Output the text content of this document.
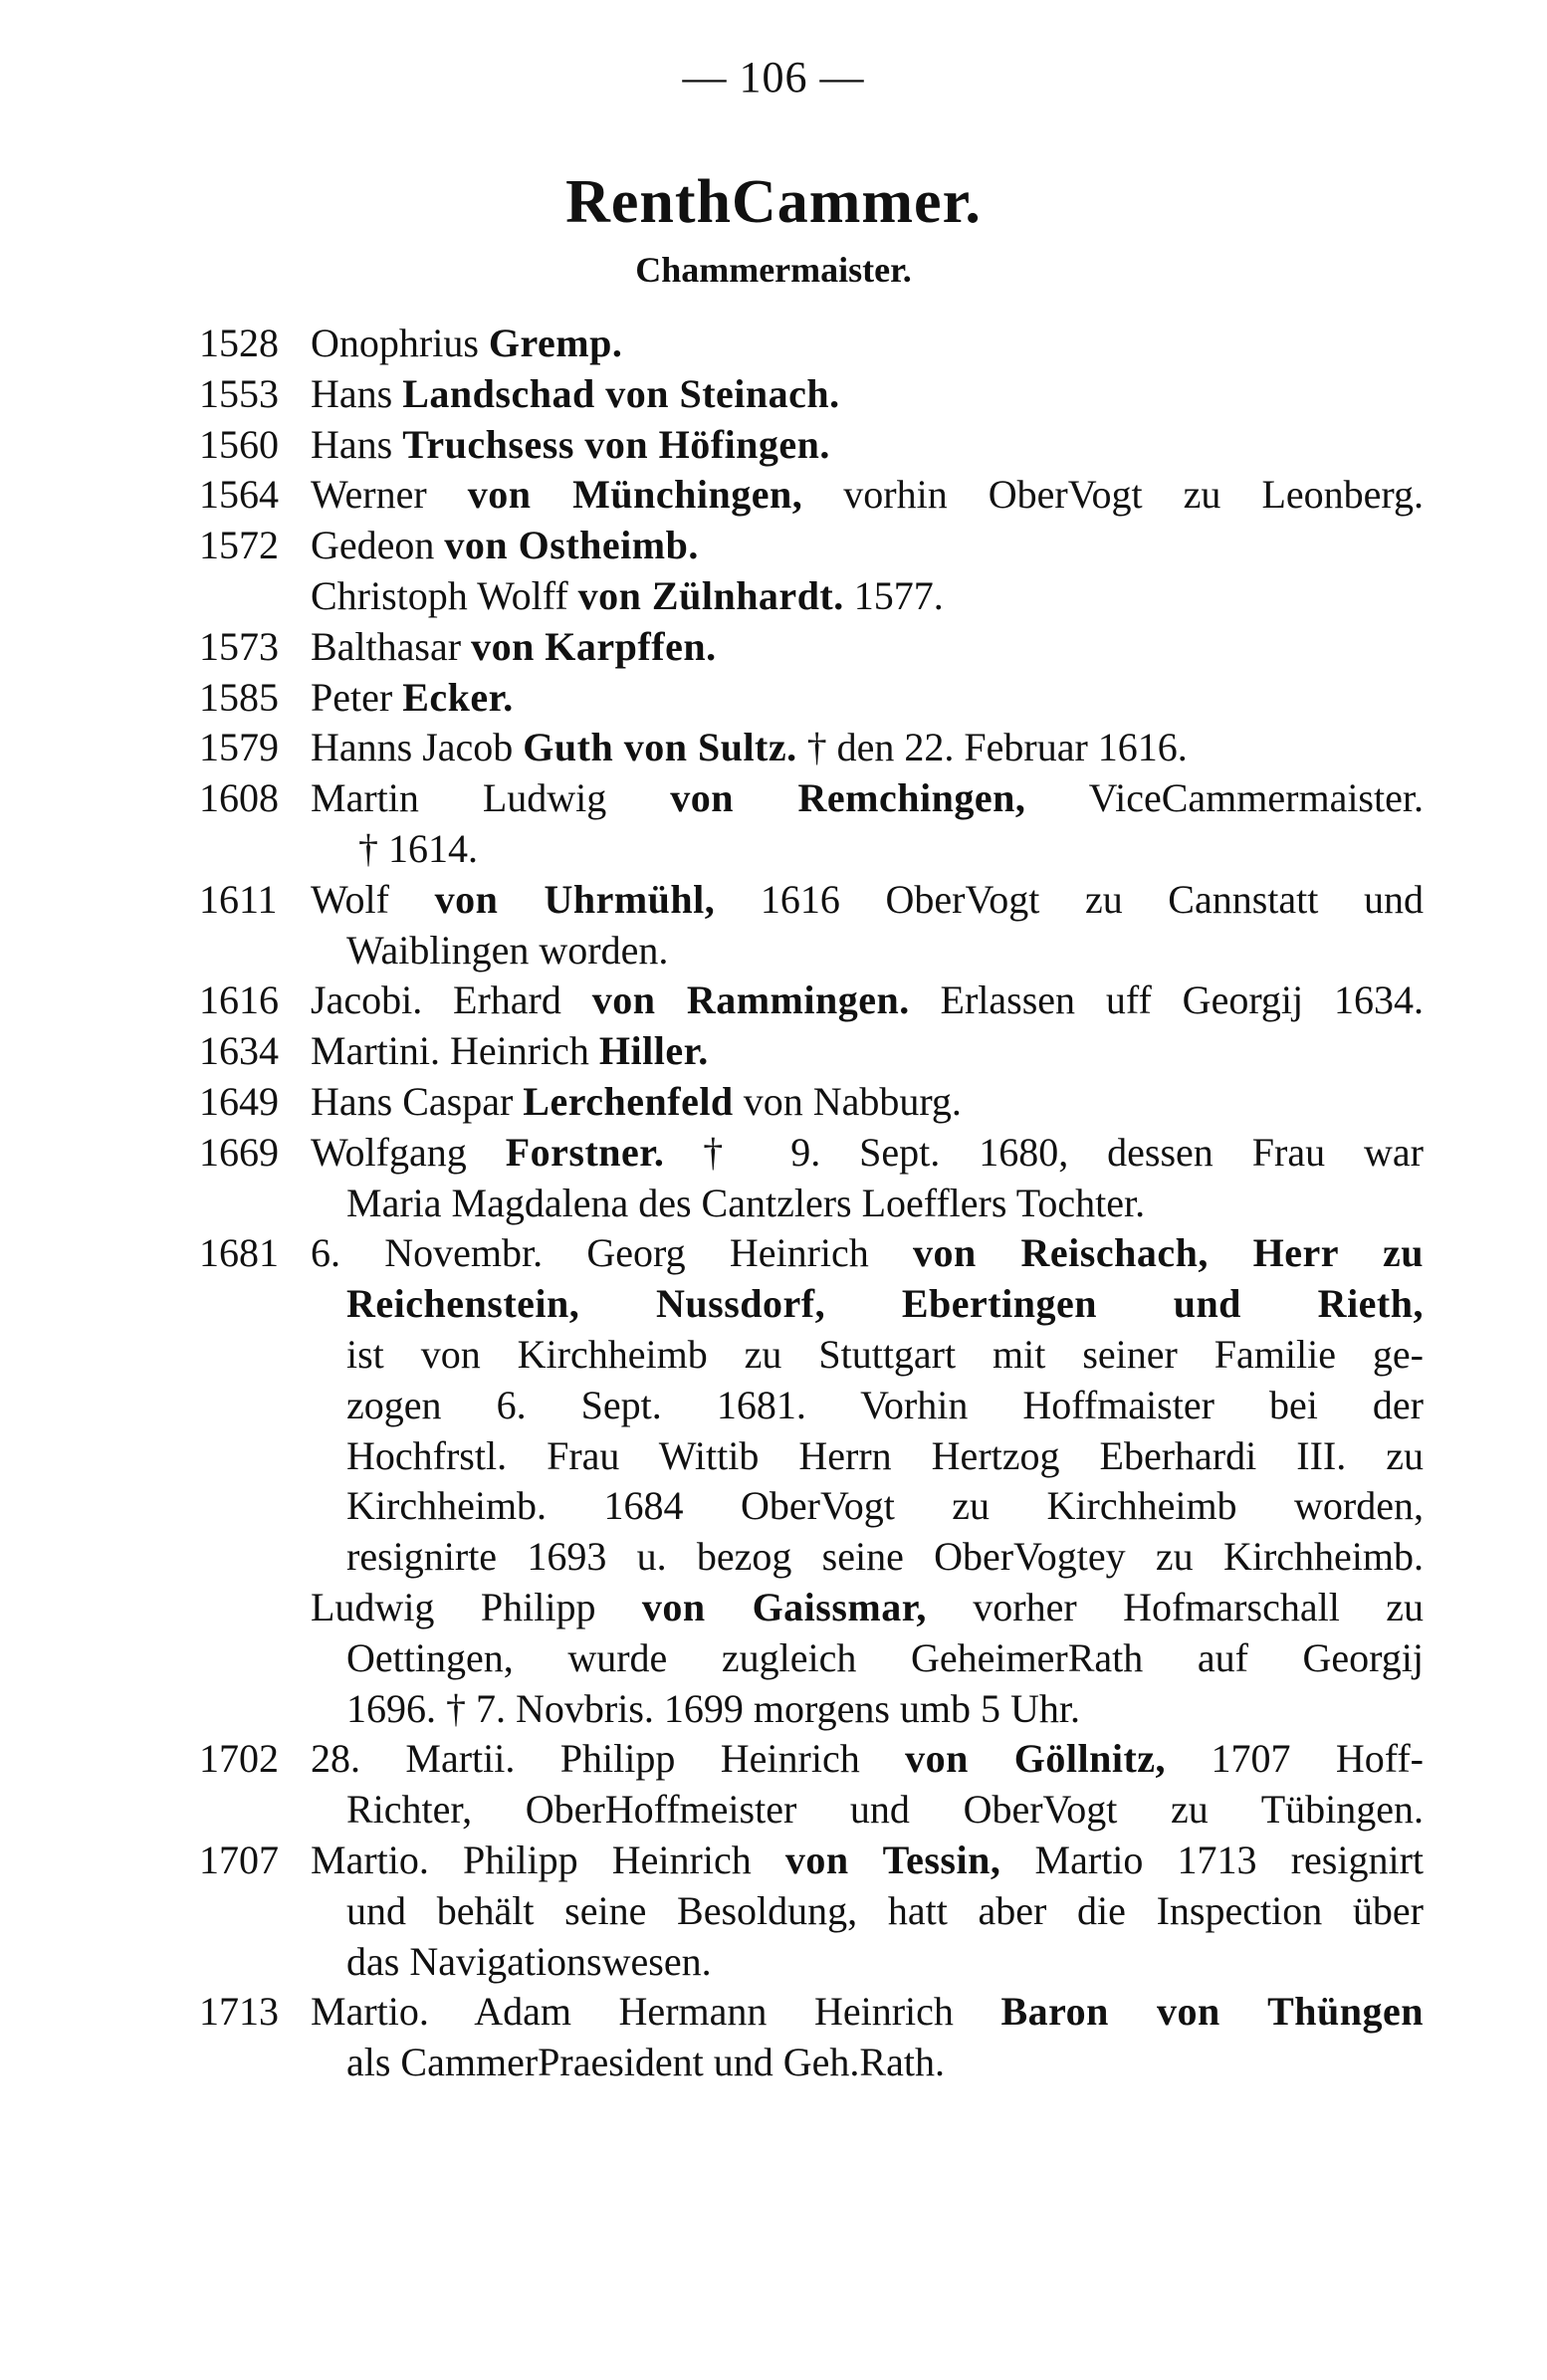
— 106 —
RenthCammer.
Chammermaister.
1528 Onophrius Gremp.
1553 Hans Landschad von Steinach.
1560 Hans Truchsess von Höfingen.
1564 Werner von Münchingen, vorhin OberVogt zu Leonberg.
1572 Gedeon von Ostheimb.
Christoph Wolff von Zülnhardt. 1577.
1573 Balthasar von Karpffen.
1585 Peter Ecker.
1579 Hanns Jacob Guth von Sultz. † den 22. Februar 1616.
1608 Martin Ludwig von Remchingen, ViceCammermaister.
† 1614.
1611 Wolf von Uhrmühl, 1616 OberVogt zu Cannstatt und
Waiblingen worden.
1616 Jacobi. Erhard von Rammingen. Erlassen uff Georgij 1634.
1634 Martini. Heinrich Hiller.
1649 Hans Caspar Lerchenfeld von Nabburg.
1669 Wolfgang Forstner. † 9. Sept. 1680, dessen Frau war
Maria Magdalena des Cantzlers Loefflers Tochter.
1681 6. Novembr. Georg Heinrich von Reischach, Herr zu
Reichenstein, Nussdorf, Ebertingen und Rieth,
ist von Kirchheimb zu Stuttgart mit seiner Familie ge-
zogen 6. Sept. 1681. Vorhin Hoffmaister bei der
Hochfrstl. Frau Wittib Herrn Hertzog Eberhardi III. zu
Kirchheimb. 1684 OberVogt zu Kirchheimb worden,
resignirte 1693 u. bezog seine OberVogtey zu Kirchheimb.
Ludwig Philipp von Gaissmar, vorher Hofmarschall zu
Oettingen, wurde zugleich GeheimerRath auf Georgij
1696. † 7. Novbris. 1699 morgens umb 5 Uhr.
1702 28. Martii. Philipp Heinrich von Göllnitz, 1707 Hoff-
Richter, OberHoffmeister und OberVogt zu Tübingen.
1707 Martio. Philipp Heinrich von Tessin, Martio 1713 resignirt
und behält seine Besoldung, hatt aber die Inspection über
das Navigationswesen.
1713 Martio. Adam Hermann Heinrich Baron von Thüngen
als CammerPraesident und Geh.Rath.
